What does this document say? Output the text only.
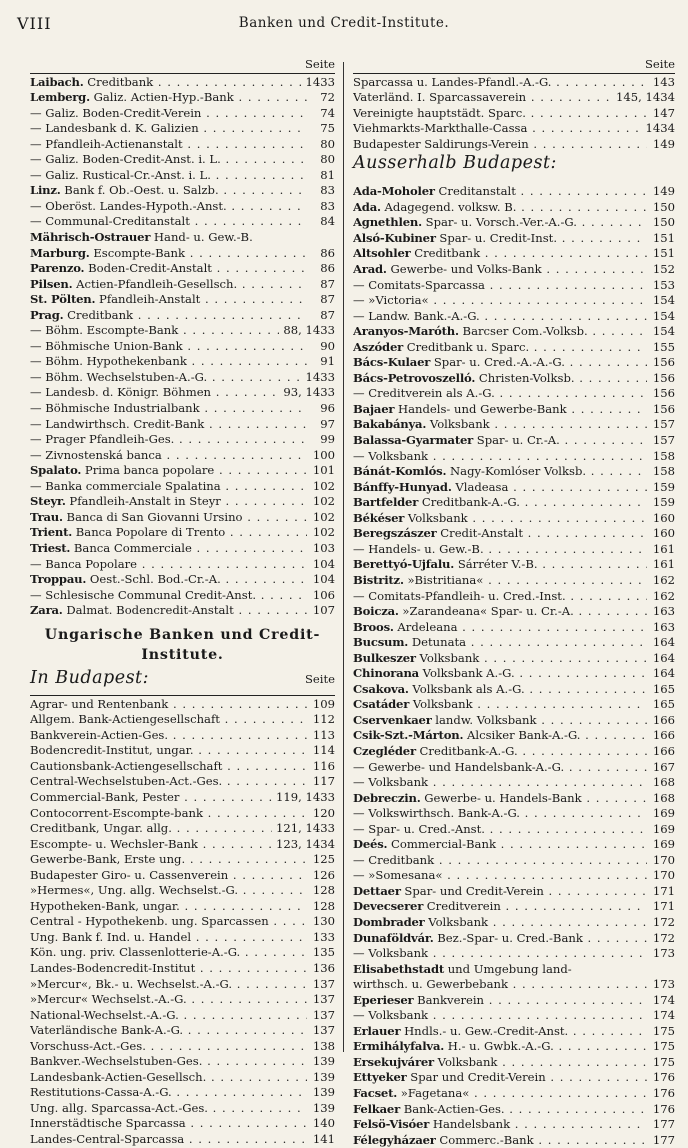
VIII	Banken und Credit-Institute.
Seite
Laibach. Creditbank . . .	1433
Lemberg. Galiz. Actien-Hyp.-Bank . . .	72
— Galiz. Boden-Credit-Verein . . .	74
— Landesbank d. K. Galizien . . .	75
— Pfandleih-Actienanstalt . . .	80
— Galiz. Boden-Credit-Anst. i. L. . . .	80
— Galiz. Rustical-Cr.-Anst. i. L. . . .	81
Linz. Bank f. Ob.-Oest. u. Salzb. . . .	83
— Oberöst. Landes-Hypoth.-Anst. . . .	83
— Communal-Creditanstalt . . .	84
Mährisch-Ostrauer Hand- u. Gew.-B.
Marburg. Escompte-Bank . . .	86
Parenzo. Boden-Credit-Anstalt . . .	86
Pilsen. Actien-Pfandleih-Gesellsch. . . .	87
St. Pölten. Pfandleih-Anstalt . . .	87
Prag. Creditbank . . .	87
— Böhm. Escompte-Bank . . .	88, 1433
— Böhmische Union-Bank . . .	90
— Böhm. Hypothekenbank . . .	91
— Böhm. Wechselstuben-A.-G. . . .	1433
— Landesb. d. Königr. Böhmen . . .	93, 1433
— Böhmische Industrialbank . . .	96
— Landwirthsch. Credit-Bank . . .	97
— Prager Pfandleih-Ges. . . .	99
— Zivnostenská banca . . .	100
Spalato. Prima banca popolare . . .	101
— Banka commerciale Spalatina . . .	102
Steyr. Pfandleih-Anstalt in Steyr . . .	102
Trau. Banca di San Giovanni Ursino . . .	102
Trient. Banca Popolare di Trento . . .	102
Triest. Banca Commerciale . . .	103
— Banca Popolare . . .	104
Troppau. Oest.-Schl. Bod.-Cr.-A. . . .	104
— Schlesische Communal Credit-Anst. . . .	106
Zara. Dalmat. Bodencredit-Anstalt . . .	107
Ungarische Banken und Credit-
Institute.
In Budapest:	Seite
Agrar- und Rentenbank . . .	109
Allgem. Bank-Actiengesellschaft . . .	112
Bankverein-Actien-Ges. . . .	113
Bodencredit-Institut, ungar. . . .	114
Cautionsbank-Actiengesellschaft . . .	116
Central-Wechselstuben-Act.-Ges. . . .	117
Commercial-Bank, Pester . . .	119, 1433
Contocorrent-Escompte-bank . . .	120
Creditbank, Ungar. allg. . . .	121, 1433
Escompte- u. Wechsler-Bank . . .	123, 1434
Gewerbe-Bank, Erste ung. . . .	125
Budapester Giro- u. Cassenverein . . .	126
»Hermes«, Ung. allg. Wechselst.-G. . . .	128
Hypotheken-Bank, ungar. . . .	128
Central - Hypothekenb. ung. Sparcassen . . .	130
Ung. Bank f. Ind. u. Handel . . .	133
Kön. ung. priv. Classenlotterie-A.-G. . . .	135
Landes-Bodencredit-Institut . . .	136
»Mercur«, Bk.- u. Wechselst.-A.-G. . . .	137
»Mercur« Wechselst.-A.-G. . . .	137
National-Wechselst.-A.-G. . . .	137
Vaterländische Bank-A.-G. . . .	137
Vorschuss-Act.-Ges. . . .	138
Bankver.-Wechselstuben-Ges. . . .	139
Landesbank-Actien-Gesellsch. . . .	139
Restitutions-Cassa-A.-G. . . .	139
Ung. allg. Sparcassa-Act.-Ges. . . .	139
Innerstädtische Sparcassa . . .	140
Landes-Central-Sparcassa . . .	141
Seite
Sparcassa u. Landes-Pfandl.-A.-G. . . .	143
Vaterländ. I. Sparcassaverein . . .	145, 1434
Vereinigte hauptstädt. Sparc. . . .	147
Viehmarkts-Markthalle-Cassa . . .	1434
Budapester Saldirungs-Verein . . .	149
Ausserhalb Budapest:
Ada-Moholer Creditanstalt . . .	149
Ada. Adagegend. volksw. B. . . .	150
Agnethlen. Spar- u. Vorsch.-Ver.-A.-G. . . .	150
Alsó-Kubiner Spar- u. Credit-Inst. . . .	151
Altsohler Creditbank . . .	151
Arad. Gewerbe- und Volks-Bank . . .	152
— Comitats-Sparcassa . . .	153
— »Victoria« . . .	154
— Landw. Bank.-A.-G. . . .	154
Aranyos-Maróth. Barcser Com.-Volksb. . . .	154
Aszóder Creditbank u. Sparc. . . .	155
Bács-Kulaer Spar- u. Cred.-A.-A.-G. . . .	156
Bács-Petrovoszelló. Christen-Volksb. . . .	156
— Creditverein als A.-G. . . .	156
Bajaer Handels- und Gewerbe-Bank . . .	156
Bakabánya. Volksbank . . .	157
Balassa-Gyarmater Spar- u. Cr.-A. . . .	157
— Volksbank . . .	158
Bánát-Komlós. Nagy-Komlóser Volksb. . . .	158
Bánffy-Hunyad. Vladeasa . . .	159
Bartfelder Creditbank-A.-G. . . .	159
Békéser Volksbank . . .	160
Beregszászer Credit-Anstalt . . .	160
— Handels- u. Gew.-B. . . .	161
Berettyó-Ujfalu. Sárréter V.-B. . . .	161
Bistritz. »Bistritiana« . . .	162
— Comitats-Pfandleih- u. Cred.-Inst. . . .	162
Boicza. »Zarandeana« Spar- u. Cr.-A. . . .	163
Broos. Ardeleana . . .	163
Bucsum. Detunata . . .	164
Bulkeszer Volksbank . . .	164
Chinorana Volksbank A.-G. . . .	164
Csakova. Volksbank als A.-G. . . .	165
Csatáder Volksbank . . .	165
Cservenkaer landw. Volksbank . . .	166
Csik-Szt.-Márton. Alcsiker Bank-A.-G. . . .	166
Czegléder Creditbank-A.-G. . . .	166
— Gewerbe- und Handelsbank-A.-G. . . .	167
— Volksbank . . .	168
Debreczin. Gewerbe- u. Handels-Bank . . .	168
— Volkswirthsch. Bank-A.-G. . . .	169
— Spar- u. Cred.-Anst. . . .	169
Deés. Commercial-Bank . . .	169
— Creditbank . . .	170
— »Somesana« . . .	170
Dettaer Spar- und Credit-Verein . . .	171
Devecserer Creditverein . . .	171
Dombrader Volksbank . . .	172
Dunaföldvár. Bez.-Spar- u. Cred.-Bank . . .	172
— Volksbank . . .	173
Elisabethstadt und Umgebung land-
wirthsch. u. Gewerbebank . . .	173
Eperieser Bankverein . . .	174
— Volksbank . . .	174
Erlauer Hndls.- u. Gew.-Credit-Anst. . . .	175
Ermihályfalva. H.- u. Gwbk.-A.-G. . . .	175
Ersekujvárer Volksbank . . .	175
Ettyeker Spar und Credit-Verein . . .	176
Facset. »Fagetana« . . .	176
Felkaer Bank-Actien-Ges. . . .	176
Felsö-Visóer Handelsbank . . .	177
Félegyházaer Commerc.-Bank . . .	177
